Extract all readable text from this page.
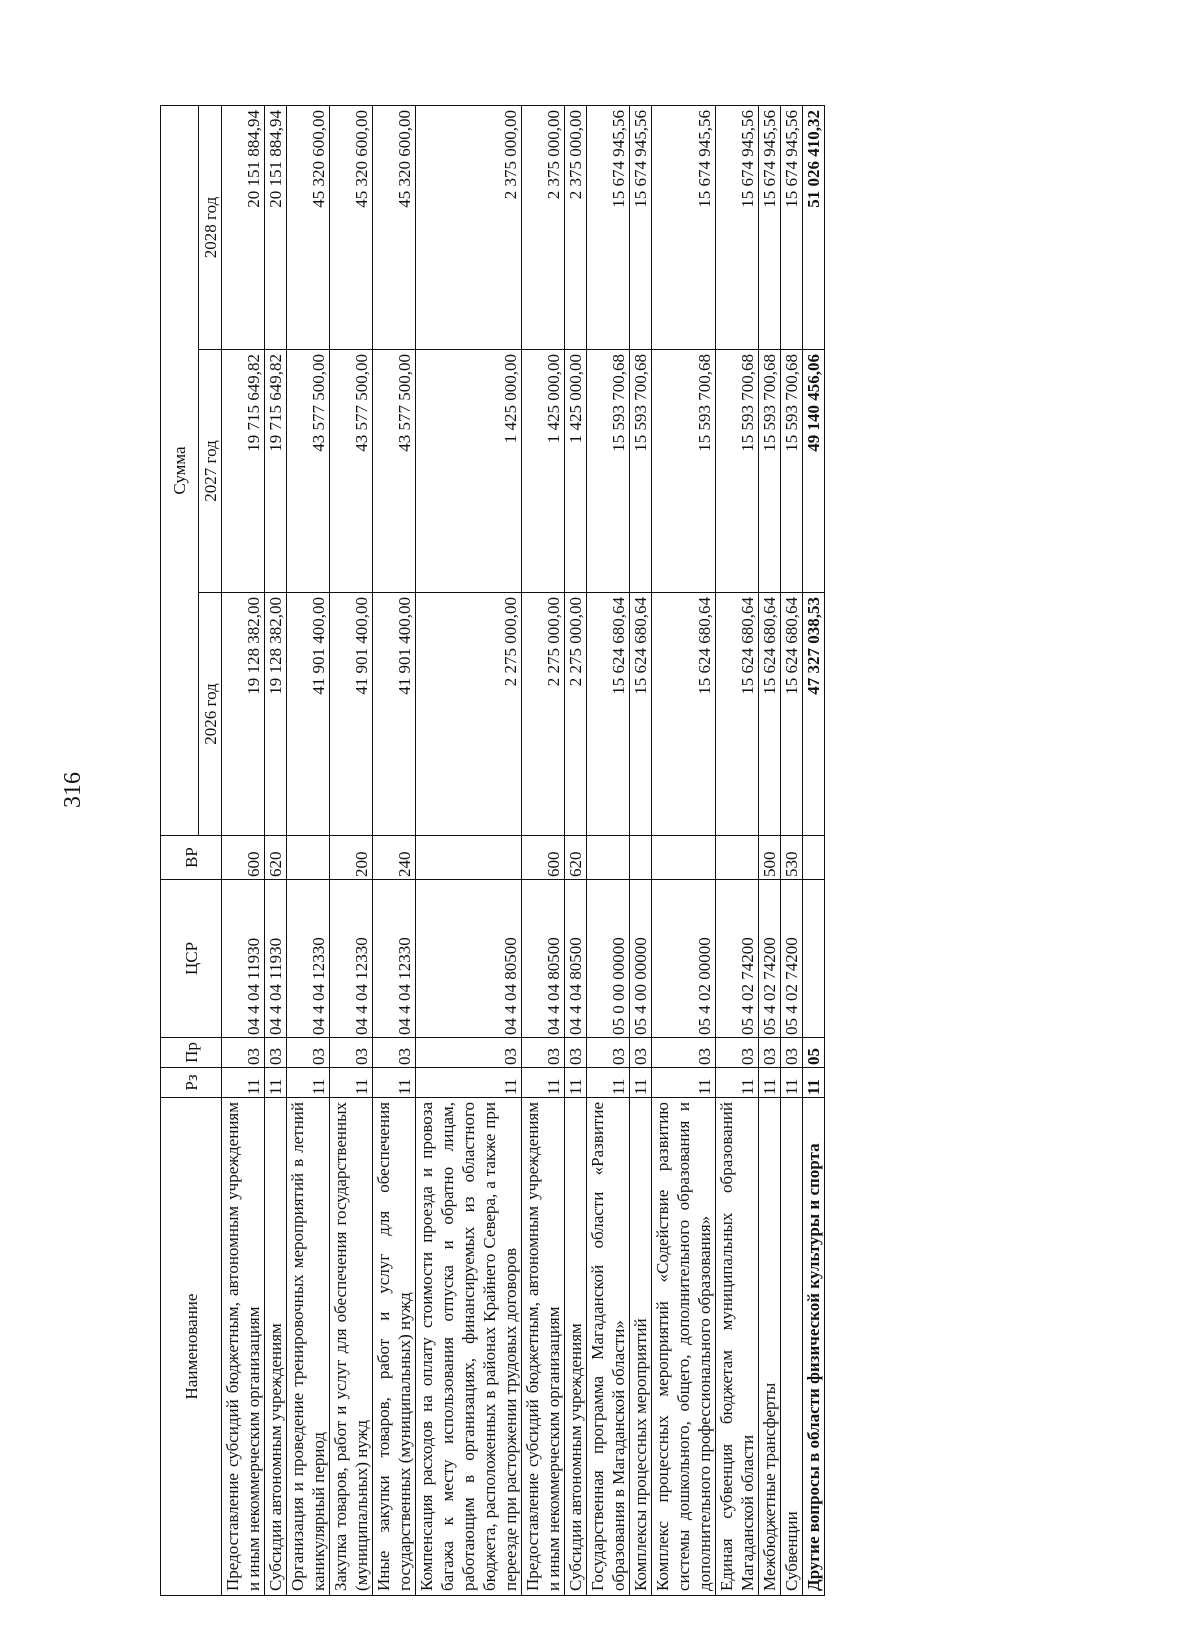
316
Наименование	Рз	Пр	ЦСР	ВР	Сумма		
					2026 год	2027 год	2028 год
Предоставление субсидий бюджетным, автономным учреждениям и иным некоммерческим организациям	11	03	04 4 04 11930	600	19 128 382,00	19 715 649,82	20 151 884,94
Субсидии автономным учреждениям	11	03	04 4 04 11930	620	19 128 382,00	19 715 649,82	20 151 884,94
Организация и проведение тренировочных мероприятий в летний каникулярный период	11	03	04 4 04 12330		41 901 400,00	43 577 500,00	45 320 600,00
Закупка товаров, работ и услуг для обеспечения государственных (муниципальных) нужд	11	03	04 4 04 12330	200	41 901 400,00	43 577 500,00	45 320 600,00
Иные закупки товаров, работ и услуг для обеспечения государственных (муниципальных) нужд	11	03	04 4 04 12330	240	41 901 400,00	43 577 500,00	45 320 600,00
Компенсация расходов на оплату стоимости проезда и провоза багажа к месту использования отпуска и обратно лицам, работающим в организациях, финансируемых из областного бюджета, расположенных в районах Крайнего Севера, а также при переезде при расторжении трудовых договоров	11	03	04 4 04 80500		2 275 000,00	1 425 000,00	2 375 000,00
Предоставление субсидий бюджетным, автономным учреждениям и иным некоммерческим организациям	11	03	04 4 04 80500	600	2 275 000,00	1 425 000,00	2 375 000,00
Субсидии автономным учреждениям	11	03	04 4 04 80500	620	2 275 000,00	1 425 000,00	2 375 000,00
Государственная программа Магаданской области «Развитие образования в Магаданской области»	11	03	05 0 00 00000		15 624 680,64	15 593 700,68	15 674 945,56
Комплексы процессных мероприятий	11	03	05 4 00 00000		15 624 680,64	15 593 700,68	15 674 945,56
Комплекс процессных мероприятий «Содействие развитию системы дошкольного, общего, дополнительного образования и дополнительного профессионального образования»	11	03	05 4 02 00000		15 624 680,64	15 593 700,68	15 674 945,56
Единая субвенция бюджетам муниципальных образований Магаданской области	11	03	05 4 02 74200		15 624 680,64	15 593 700,68	15 674 945,56
Межбюджетные трансферты	11	03	05 4 02 74200	500	15 624 680,64	15 593 700,68	15 674 945,56
Субвенции	11	03	05 4 02 74200	530	15 624 680,64	15 593 700,68	15 674 945,56
Другие вопросы в области физической культуры и спорта	11	05			47 327 038,53	49 140 456,06	51 026 410,32
